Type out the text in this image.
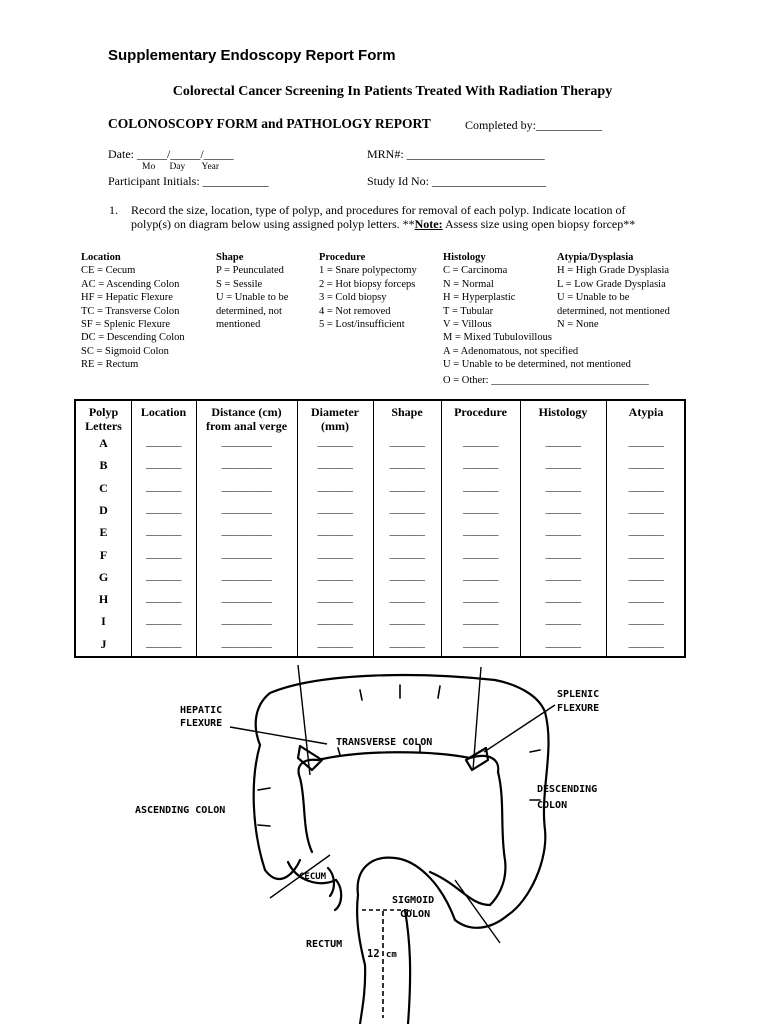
Supplementary Endoscopy Report Form
Colorectal Cancer Screening In Patients Treated With Radiation Therapy
COLONOSCOPY FORM and PATHOLOGY REPORT	Completed by:___________
Date: _____/_____/_____
Mo      Day       Year
MRN#: _______________________
Participant Initials: ___________	Study Id No: ___________________
1. Record the size, location, type of polyp, and procedures for removal of each polyp. Indicate location of
polyp(s) on diagram below using assigned polyp letters. **Note: Assess size using open biopsy forcep**
Location
CE = Cecum
AC = Ascending Colon
HF = Hepatic Flexure
TC = Transverse Colon
SF = Splenic Flexure
DC = Descending Colon
SC = Sigmoid Colon
RE = Rectum
Shape
P = Peunculated
S = Sessile
U = Unable to be
determined, not
mentioned
Procedure
1 = Snare polypectomy
2 = Hot biopsy forceps
3 = Cold biopsy
4 = Not removed
5 = Lost/insufficient
Histology
C = Carcinoma
N = Normal
H = Hyperplastic
T = Tubular
V = Villous
M = Mixed Tubulovillous
A = Adenomatous, not specified
U = Unable to be determined, not mentioned
O = Other: ______________________________
Atypia/Dysplasia
H = High Grade Dysplasia
L = Low Grade Dysplasia
U = Unable to be
determined, not mentioned
N = None
Polyp
Letters
Location	Distance (cm)
from anal verge
Diameter
(mm)
Shape	Procedure	Histology	Atypia
A	_______	__________	_______	_______	_______	_______	_______
B	_______	__________	_______	_______	_______	_______	_______
C	_______	__________	_______	_______	_______	_______	_______
D	_______	__________	_______	_______	_______	_______	_______
E	_______	__________	_______	_______	_______	_______	_______
F	_______	__________	_______	_______	_______	_______	_______
G	_______	__________	_______	_______	_______	_______	_______
H	_______	__________	_______	_______	_______	_______	_______
I	_______	__________	_______	_______	_______	_______	_______
J	_______	__________	_______	_______	_______	_______	_______
HEPATIC
FLEXURE
SPLENIC
FLEXURE
TRANSVERSE COLON
DESCENDING
COLON
ASCENDING COLON
CECUM
SIGMOID
COLON
RECTUM
12 cm
